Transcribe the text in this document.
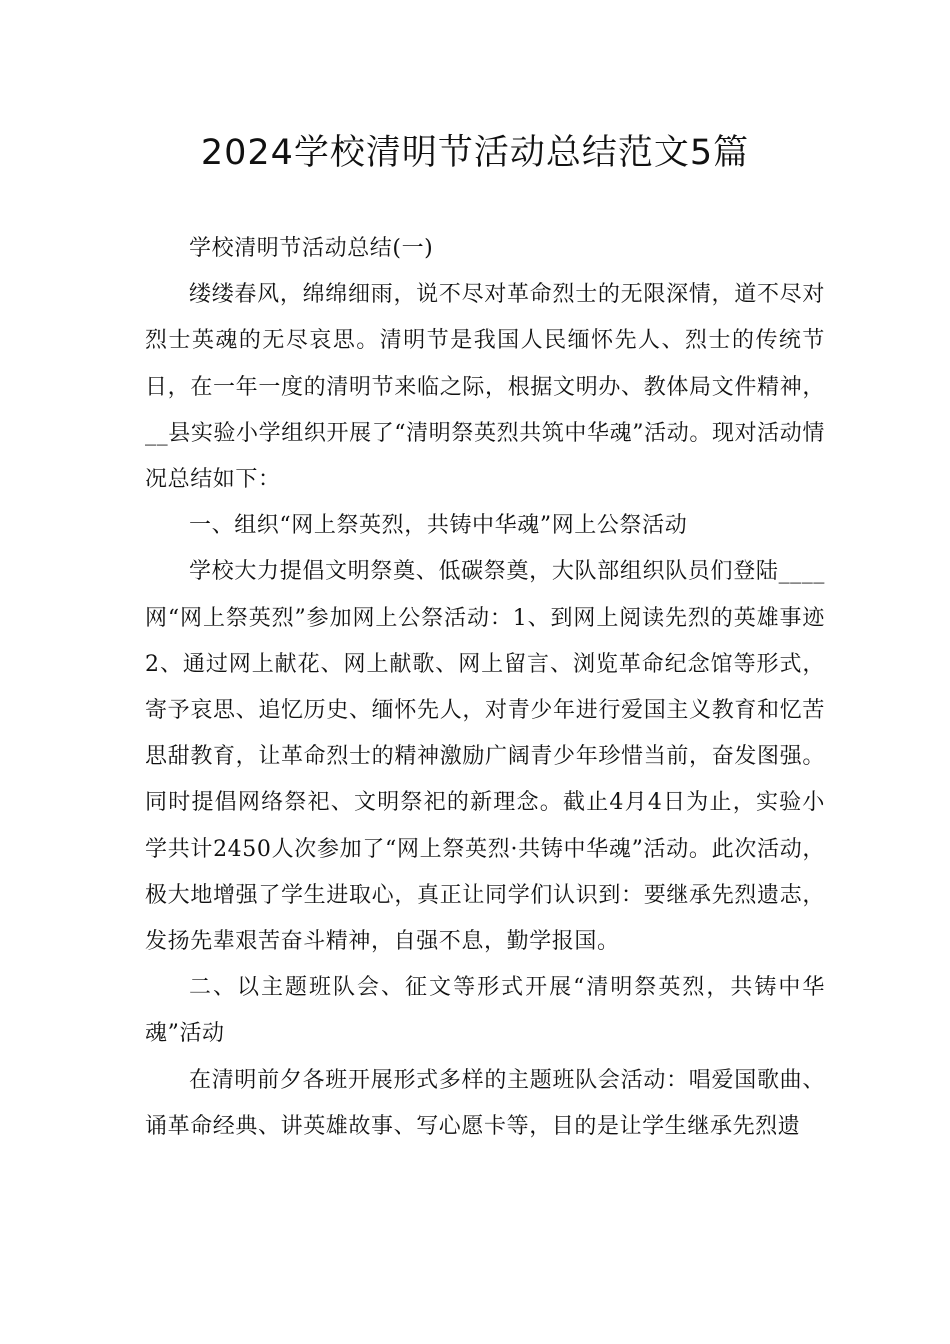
2024学校清明节活动总结范文5篇

学校清明节活动总结(一)

缕缕春风，绵绵细雨，说不尽对革命烈士的无限深情，道不尽对烈士英魂的无尽哀思。清明节是我国人民缅怀先人、烈士的传统节日，在一年一度的清明节来临之际，根据文明办、教体局文件精神，__县实验小学组织开展了“清明祭英烈共筑中华魂”活动。现对活动情况总结如下：

一、组织“网上祭英烈，共铸中华魂”网上公祭活动

学校大力提倡文明祭奠、低碳祭奠，大队部组织队员们登陆____网“网上祭英烈”参加网上公祭活动：1、到网上阅读先烈的英雄事迹2、通过网上献花、网上献歌、网上留言、浏览革命纪念馆等形式，寄予哀思、追忆历史、缅怀先人，对青少年进行爱国主义教育和忆苦思甜教育，让革命烈士的精神激励广阔青少年珍惜当前，奋发图强。同时提倡网络祭祀、文明祭祀的新理念。截止4月4日为止，实验小学共计2450人次参加了“网上祭英烈·共铸中华魂”活动。此次活动，极大地增强了学生进取心，真正让同学们认识到：要继承先烈遗志，发扬先辈艰苦奋斗精神，自强不息，勤学报国。

二、以主题班队会、征文等形式开展“清明祭英烈，共铸中华魂”活动

在清明前夕各班开展形式多样的主题班队会活动：唱爱国歌曲、诵革命经典、讲英雄故事、写心愿卡等，目的是让学生继承先烈遗
